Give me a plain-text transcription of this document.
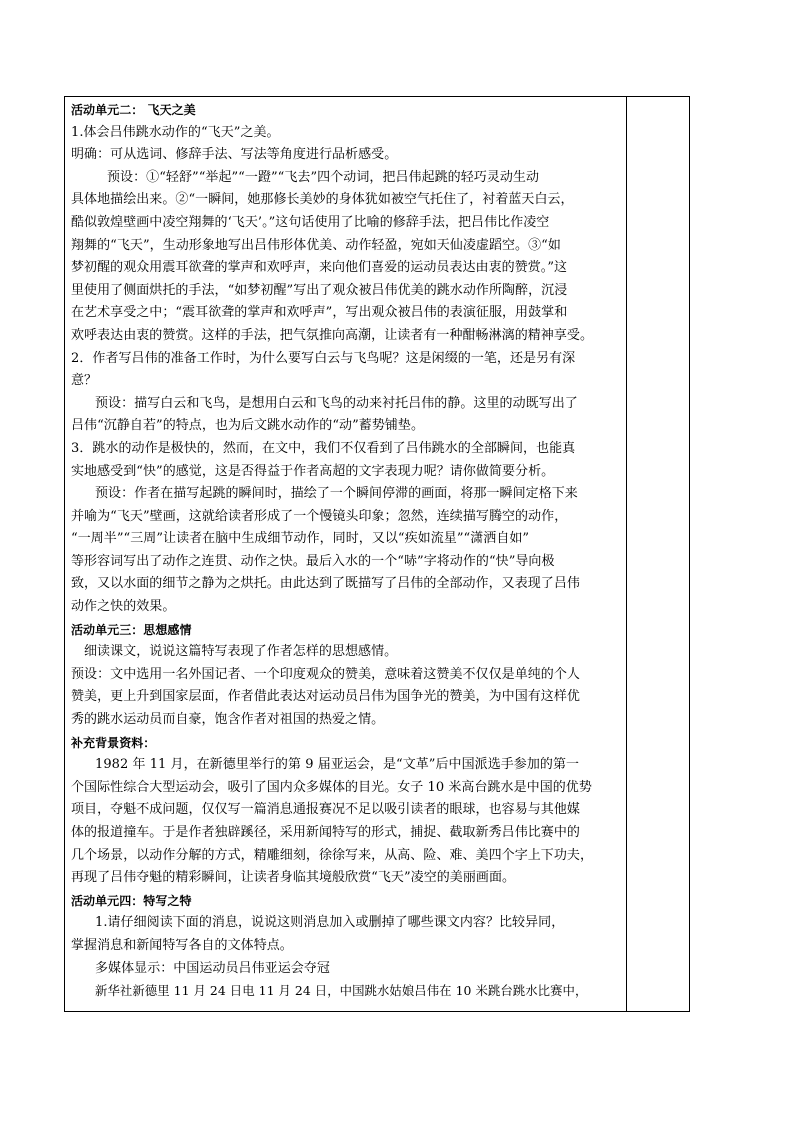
活动单元二： 飞天之美
1.体会吕伟跳水动作的“飞天”之美。
明确：可从选词、修辞手法、写法等角度进行品析感受。
预设：①“轻舒”“举起”“一蹬”“飞去”四个动词，把吕伟起跳的轻巧灵动生动
具体地描绘出来。②“一瞬间，她那修长美妙的身体犹如被空气托住了，衬着蓝天白云，
酷似敦煌壁画中凌空翔舞的‘飞天’。”这句话使用了比喻的修辞手法，把吕伟比作凌空
翔舞的“飞天”，生动形象地写出吕伟形体优美、动作轻盈，宛如天仙凌虚蹈空。③“如
梦初醒的观众用震耳欲聋的掌声和欢呼声，来向他们喜爱的运动员表达由衷的赞赏。”这
里使用了侧面烘托的手法，“如梦初醒”写出了观众被吕伟优美的跳水动作所陶醉，沉浸
在艺术享受之中；“震耳欲聋的掌声和欢呼声”，写出观众被吕伟的表演征服，用鼓掌和
欢呼表达由衷的赞赏。这样的手法，把气氛推向高潮，让读者有一种酣畅淋漓的精神享受。
2．作者写吕伟的准备工作时，为什么要写白云与飞鸟呢？这是闲缀的一笔，还是另有深
意？
预设：描写白云和飞鸟，是想用白云和飞鸟的动来衬托吕伟的静。这里的动既写出了
吕伟“沉静自若”的特点，也为后文跳水动作的“动”蓄势铺垫。
3．跳水的动作是极快的，然而，在文中，我们不仅看到了吕伟跳水的全部瞬间，也能真
实地感受到“快”的感觉，这是否得益于作者高超的文字表现力呢？请你做简要分析。
预设：作者在描写起跳的瞬间时，描绘了一个瞬间停滞的画面，将那一瞬间定格下来
并喻为“飞天”壁画，这就给读者形成了一个慢镜头印象；忽然，连续描写腾空的动作，
“一周半”“三周”让读者在脑中生成细节动作，同时，又以“疾如流星”“潇洒自如”
等形容词写出了动作之连贯、动作之快。最后入水的一个“哧”字将动作的“快”导向极
致，又以水面的细节之静为之烘托。由此达到了既描写了吕伟的全部动作，又表现了吕伟
动作之快的效果。
活动单元三：思想感情
细读课文，说说这篇特写表现了作者怎样的思想感情。
预设：文中选用一名外国记者、一个印度观众的赞美，意味着这赞美不仅仅是单纯的个人
赞美，更上升到国家层面，作者借此表达对运动员吕伟为国争光的赞美，为中国有这样优
秀的跳水运动员而自豪，饱含作者对祖国的热爱之情。
补充背景资料：
1982 年 11 月，在新德里举行的第 9 届亚运会，是“文革”后中国派选手参加的第一
个国际性综合大型运动会，吸引了国内众多媒体的目光。女子 10 米高台跳水是中国的优势
项目，夺魁不成问题，仅仅写一篇消息通报赛况不足以吸引读者的眼球，也容易与其他媒
体的报道撞车。于是作者独辟蹊径，采用新闻特写的形式，捕捉、截取新秀吕伟比赛中的
几个场景，以动作分解的方式，精雕细刻，徐徐写来，从高、险、难、美四个字上下功夫，
再现了吕伟夺魁的精彩瞬间，让读者身临其境般欣赏“飞天”凌空的美丽画面。
活动单元四：特写之特
1.请仔细阅读下面的消息，说说这则消息加入或删掉了哪些课文内容？比较异同，
掌握消息和新闻特写各自的文体特点。
多媒体显示：中国运动员吕伟亚运会夺冠
新华社新德里 11 月 24 日电 11 月 24 日，中国跳水姑娘吕伟在 10 米跳台跳水比赛中，
